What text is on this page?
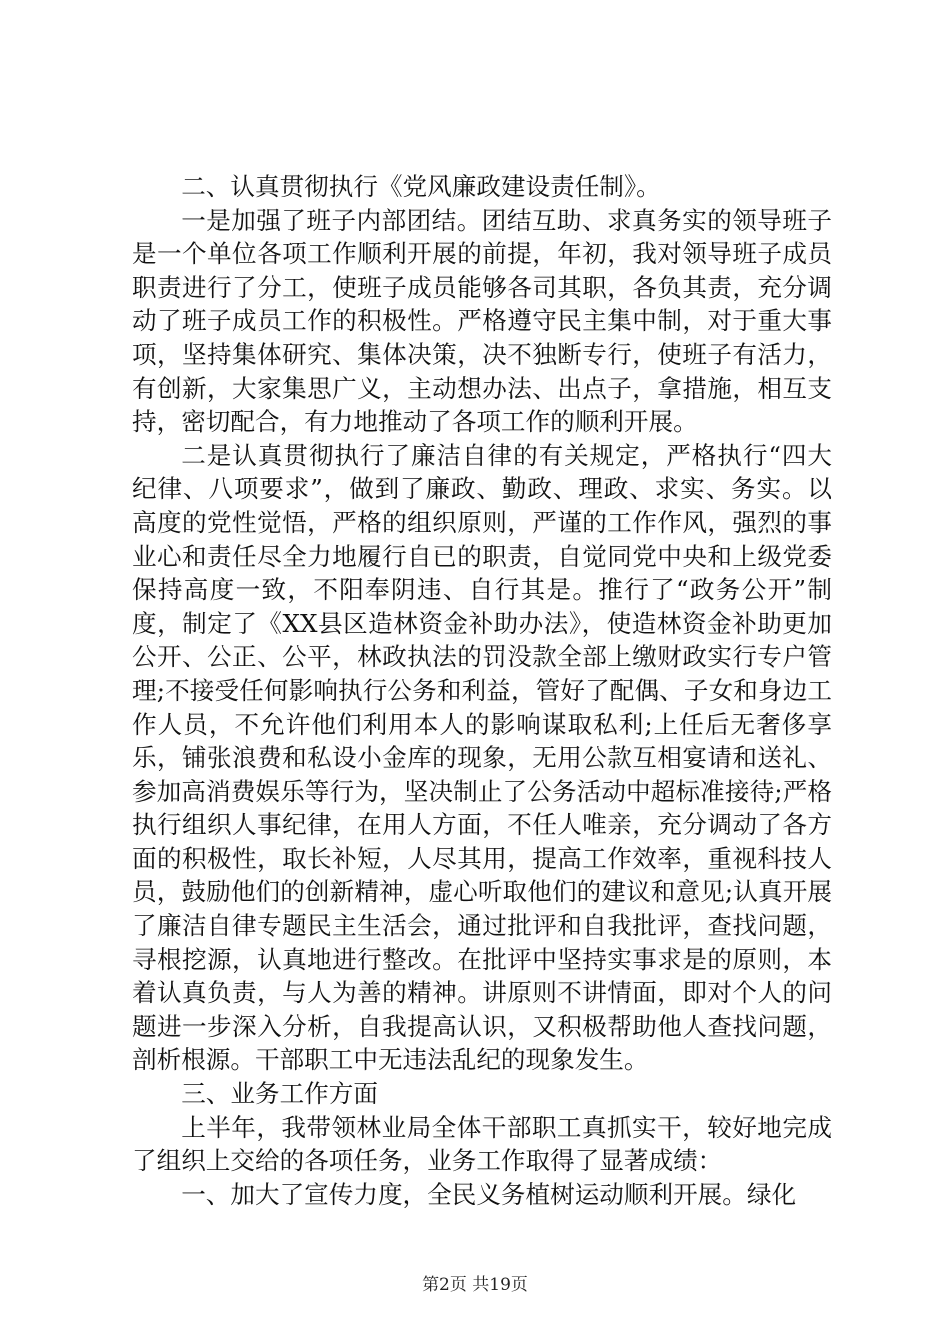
二、认真贯彻执行《党风廉政建设责任制》。

一是加强了班子内部团结。团结互助、求真务实的领导班子是一个单位各项工作顺利开展的前提，年初，我对领导班子成员职责进行了分工，使班子成员能够各司其职，各负其责，充分调动了班子成员工作的积极性。严格遵守民主集中制，对于重大事项，坚持集体研究、集体决策，决不独断专行，使班子有活力，有创新，大家集思广义，主动想办法、出点子，拿措施，相互支持，密切配合，有力地推动了各项工作的顺利开展。

二是认真贯彻执行了廉洁自律的有关规定，严格执行“四大纪律、八项要求”，做到了廉政、勤政、理政、求实、务实。以高度的党性觉悟，严格的组织原则，严谨的工作作风，强烈的事业心和责任尽全力地履行自已的职责，自觉同党中央和上级党委保持高度一致，不阳奉阴违、自行其是。推行了“政务公开”制度，制定了《XX县区造林资金补助办法》，使造林资金补助更加公开、公正、公平，林政执法的罚没款全部上缴财政实行专户管理;不接受任何影响执行公务和利益，管好了配偶、子女和身边工作人员，不允许他们利用本人的影响谋取私利;上任后无奢侈享乐，铺张浪费和私设小金库的现象，无用公款互相宴请和送礼、参加高消费娱乐等行为，坚决制止了公务活动中超标准接待;严格执行组织人事纪律，在用人方面，不任人唯亲，充分调动了各方面的积极性，取长补短，人尽其用，提高工作效率，重视科技人员，鼓励他们的创新精神，虚心听取他们的建议和意见;认真开展了廉洁自律专题民主生活会，通过批评和自我批评，查找问题，寻根挖源，认真地进行整改。在批评中坚持实事求是的原则，本着认真负责，与人为善的精神。讲原则不讲情面，即对个人的问题进一步深入分析，自我提高认识，又积极帮助他人查找问题，剖析根源。干部职工中无违法乱纪的现象发生。

三、业务工作方面

上半年，我带领林业局全体干部职工真抓实干，较好地完成了组织上交给的各项任务，业务工作取得了显著成绩：

一、加大了宣传力度，全民义务植树运动顺利开展。绿化

第2页 共19页
